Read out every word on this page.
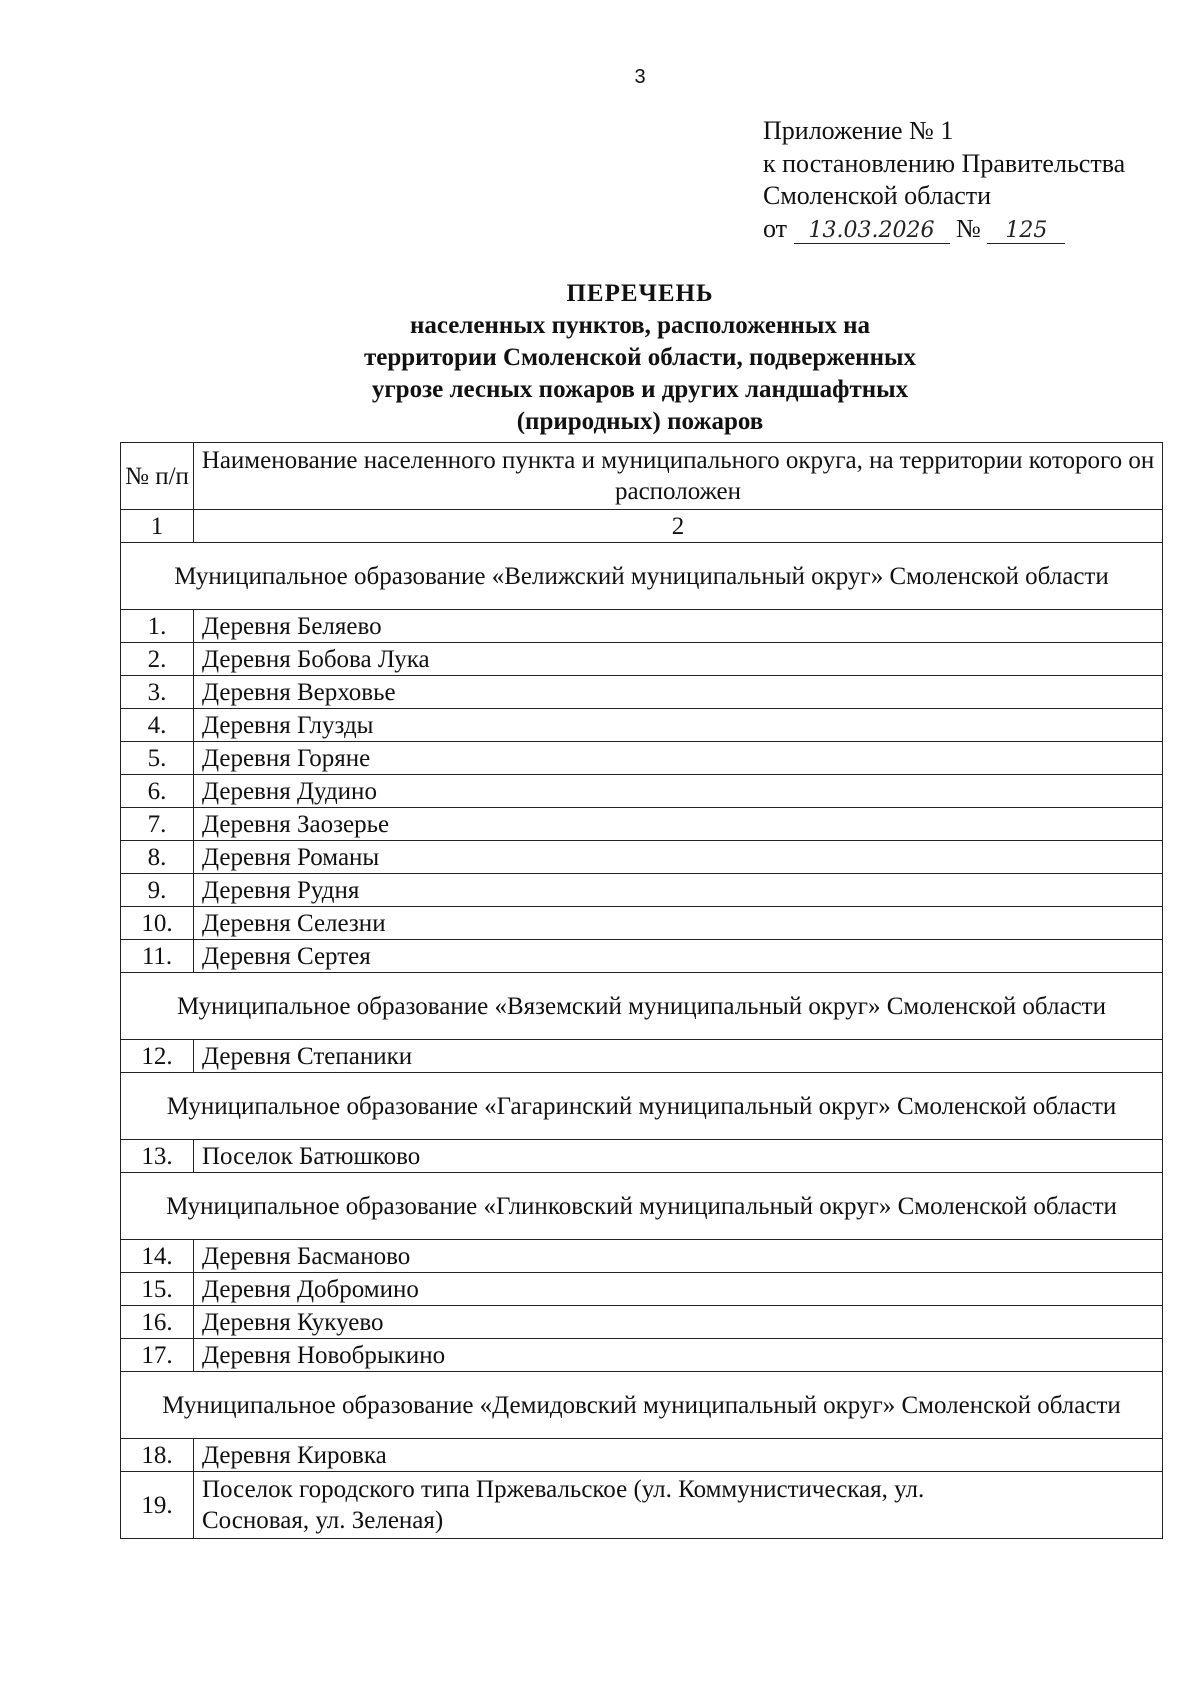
3
Приложение № 1
к постановлению Правительства
Смоленской области
от 13.03.2026 № 125
ПЕРЕЧЕНЬ
населенных пунктов, расположенных на
территории Смоленской области, подверженных
угрозе лесных пожаров и других ландшафтных
(природных) пожаров
№ п/п	Наименование населенного пункта и муниципального округа, на территории которого он расположен
1	2
Муниципальное образование «Велижский муниципальный округ» Смоленской области	
1.	Деревня Беляево
2.	Деревня Бобова Лука
3.	Деревня Верховье
4.	Деревня Глузды
5.	Деревня Горяне
6.	Деревня Дудино
7.	Деревня Заозерье
8.	Деревня Романы
9.	Деревня Рудня
10.	Деревня Селезни
11.	Деревня Сертея
Муниципальное образование «Вяземский муниципальный округ» Смоленской области	
12.	Деревня Степаники
Муниципальное образование «Гагаринский муниципальный округ» Смоленской области	
13.	Поселок Батюшково
Муниципальное образование «Глинковский муниципальный округ» Смоленской области	
14.	Деревня Басманово
15.	Деревня Добромино
16.	Деревня Кукуево
17.	Деревня Новобрыкино
Муниципальное образование «Демидовский муниципальный округ» Смоленской области	
18.	Деревня Кировка
19.	Поселок городского типа Пржевальское (ул. Коммунистическая, ул. Сосновая, ул. Зеленая)
